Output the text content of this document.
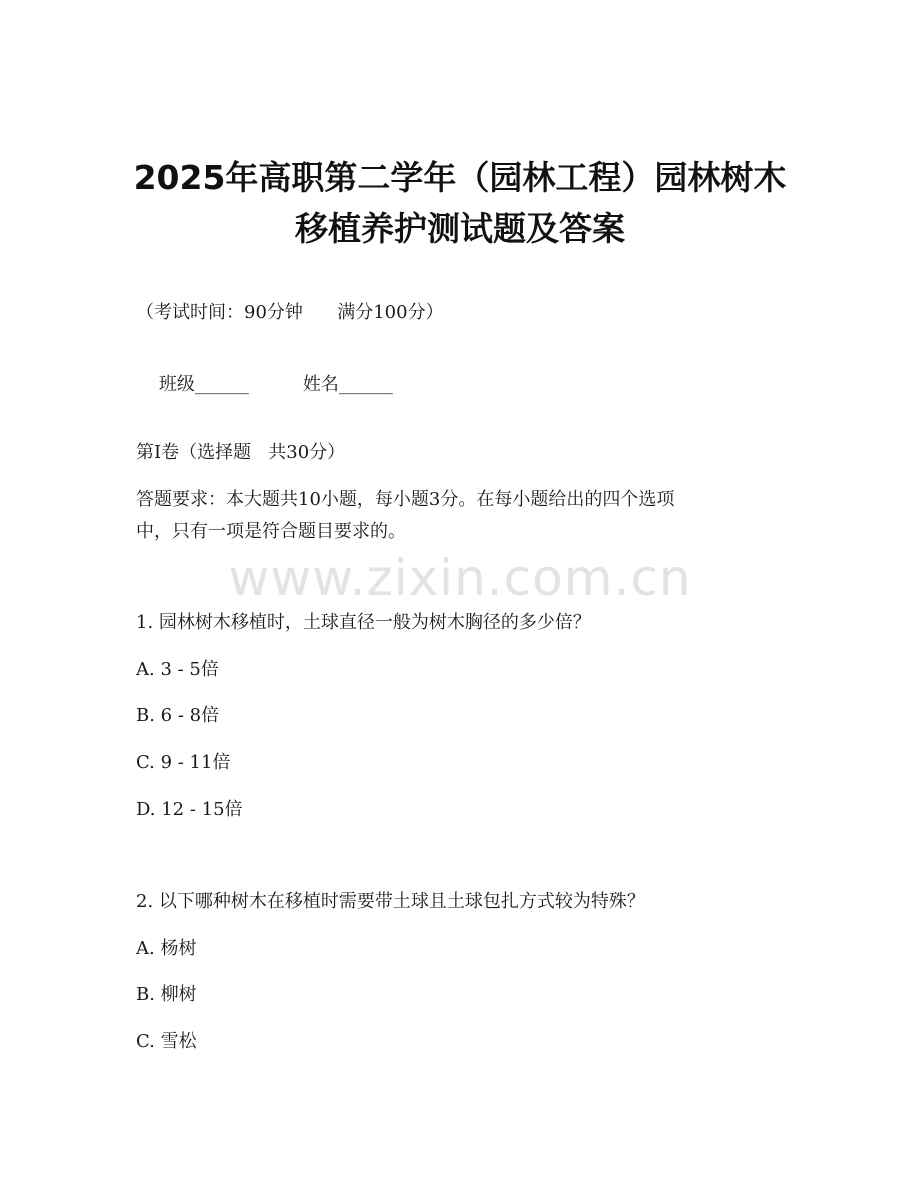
2025年高职第二学年（园林工程）园林树木
移植养护测试题及答案
（考试时间：90分钟      满分100分）

班级______	姓名______

第I卷（选择题   共30分）
答题要求：本大题共10小题，每小题3分。在每小题给出的四个选项
中，只有一项是符合题目要求的。
www.zixin.com.cn
1. 园林树木移植时，土球直径一般为树木胸径的多少倍？
A. 3 - 5倍
B. 6 - 8倍
C. 9 - 11倍
D. 12 - 15倍
2. 以下哪种树木在移植时需要带土球且土球包扎方式较为特殊？
A. 杨树
B. 柳树
C. 雪松
